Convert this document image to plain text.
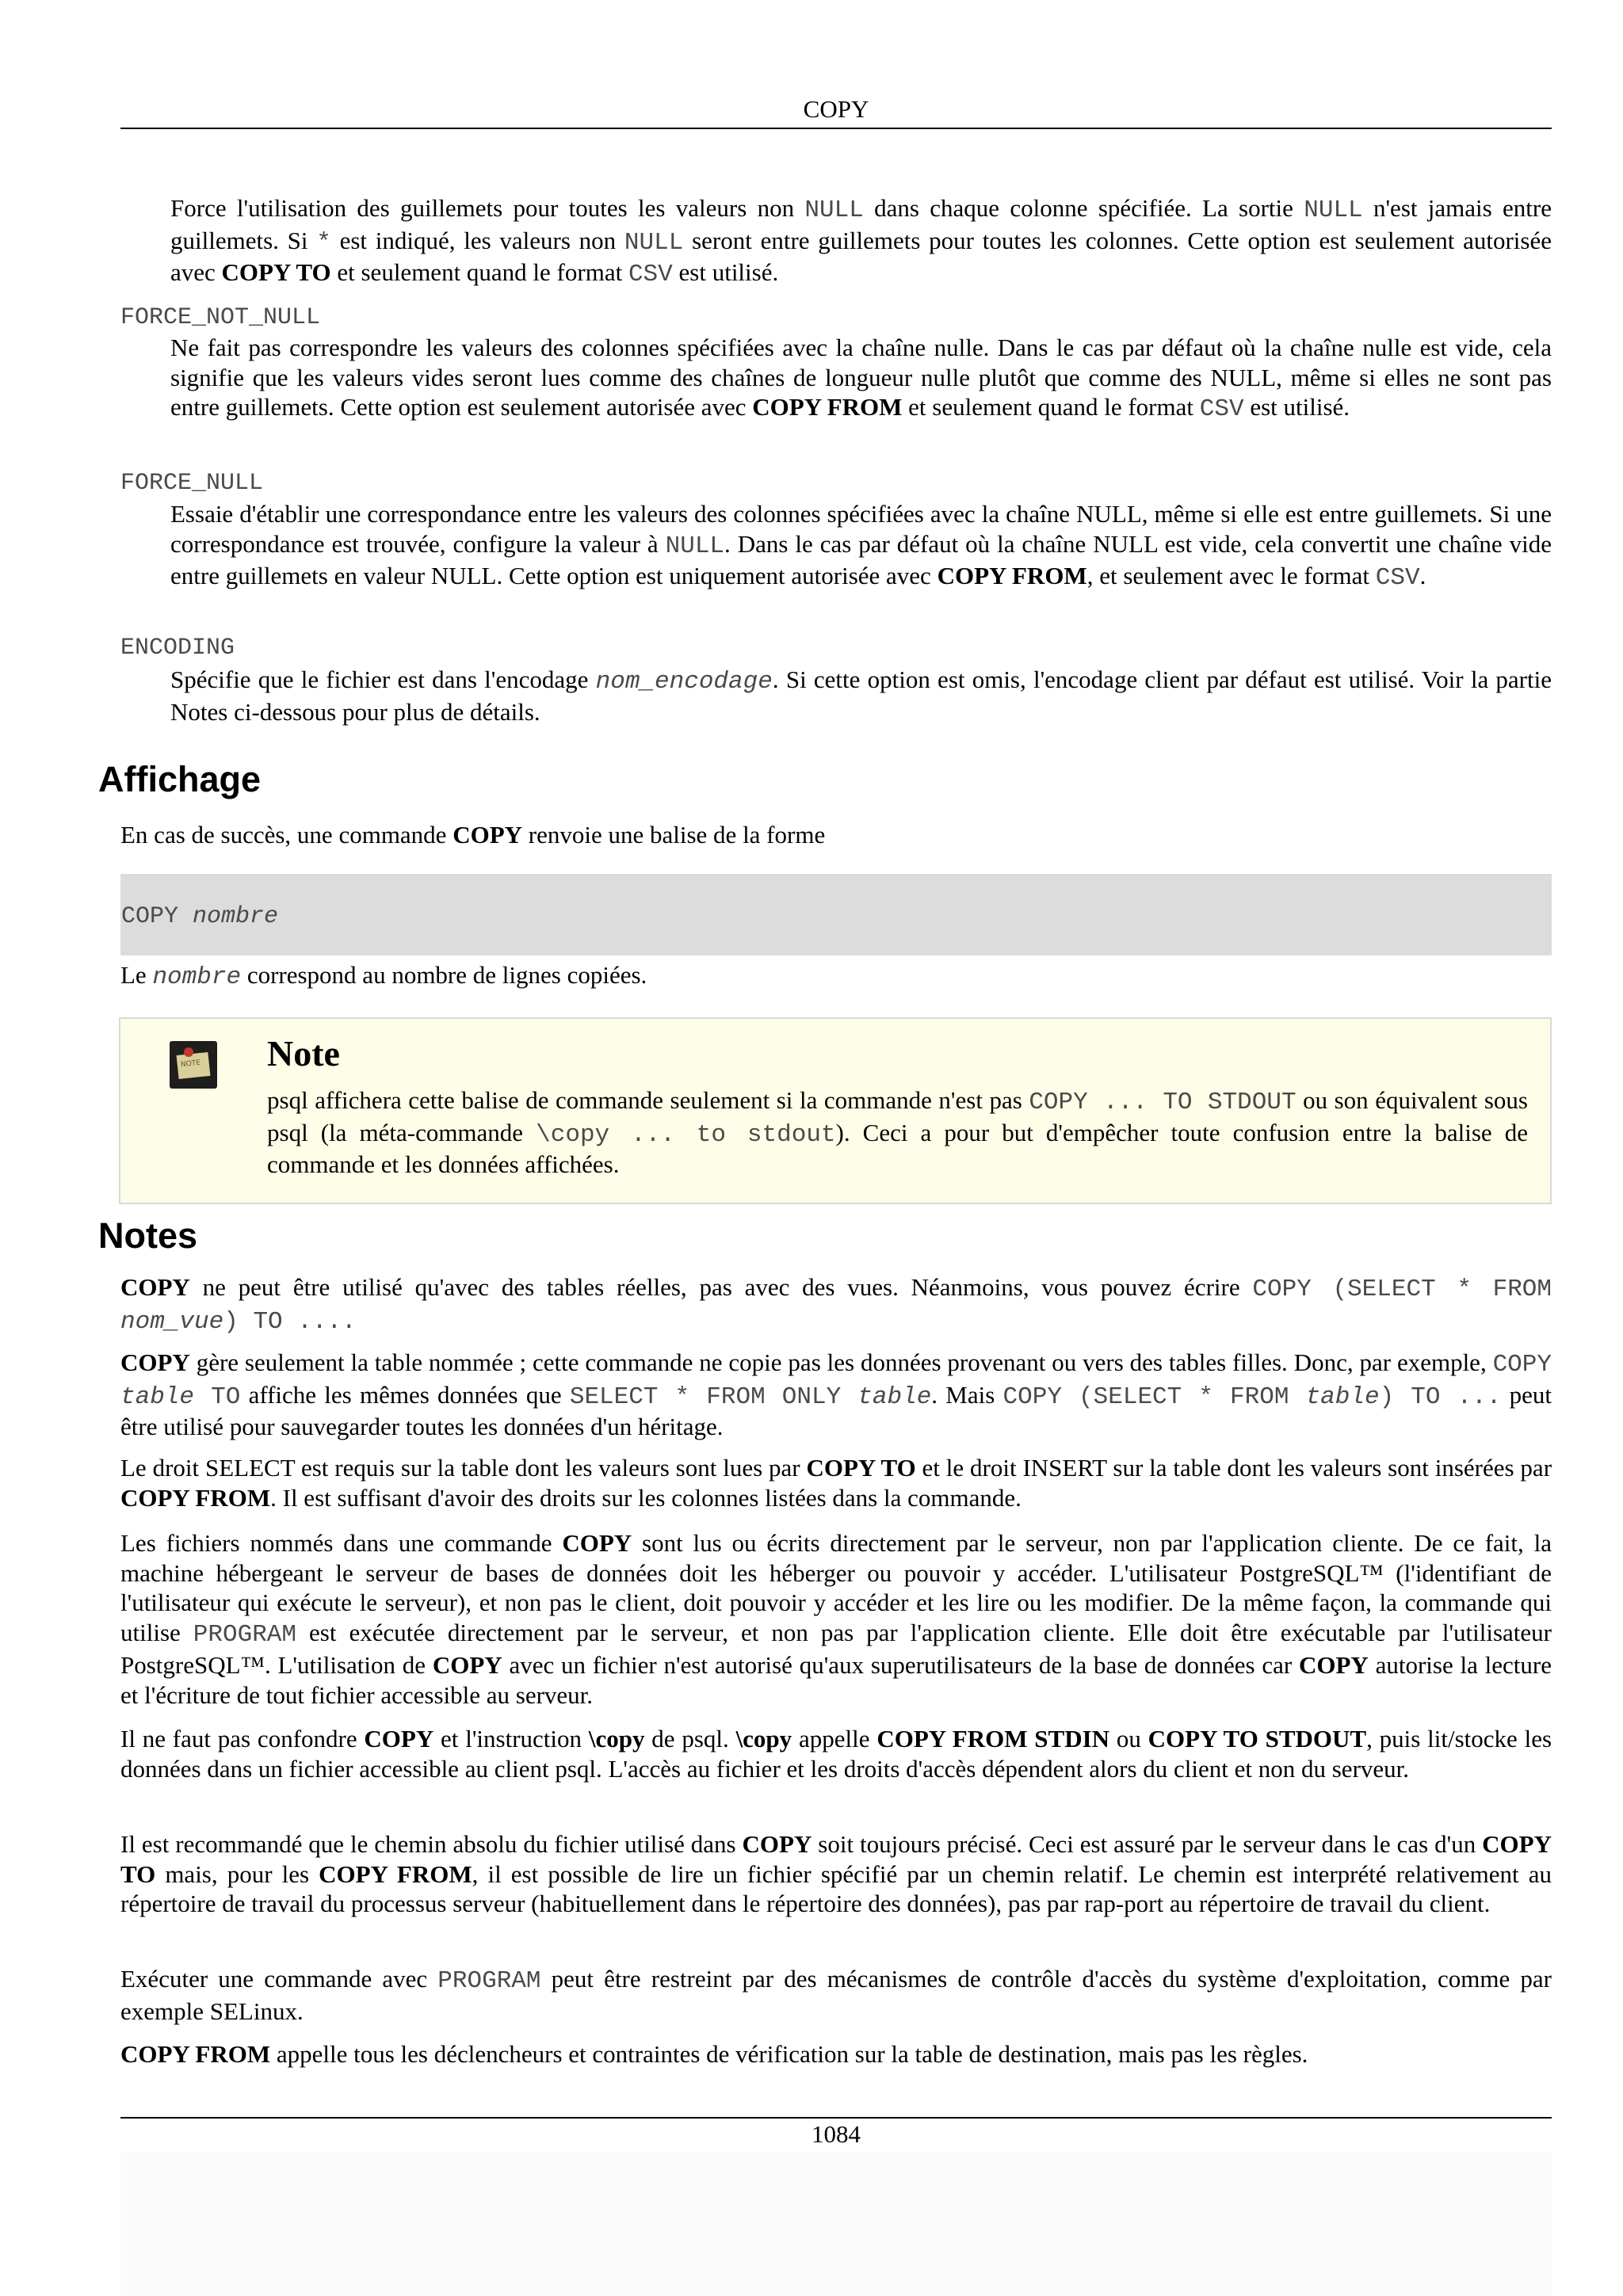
COPY
Force l'utilisation des guillemets pour toutes les valeurs non NULL dans chaque colonne spécifiée. La sortie NULL n'est jamais entre guillemets. Si * est indiqué, les valeurs non NULL seront entre guillemets pour toutes les colonnes. Cette option est seulement autorisée avec COPY TO et seulement quand le format CSV est utilisé.
FORCE_NOT_NULL
Ne fait pas correspondre les valeurs des colonnes spécifiées avec la chaîne nulle. Dans le cas par défaut où la chaîne nulle est vide, cela signifie que les valeurs vides seront lues comme des chaînes de longueur nulle plutôt que comme des NULL, même si elles ne sont pas entre guillemets. Cette option est seulement autorisée avec COPY FROM et seulement quand le format CSV est utilisé.
FORCE_NULL
Essaie d'établir une correspondance entre les valeurs des colonnes spécifiées avec la chaîne NULL, même si elle est entre guillemets. Si une correspondance est trouvée, configure la valeur à NULL. Dans le cas par défaut où la chaîne NULL est vide, cela convertit une chaîne vide entre guillemets en valeur NULL. Cette option est uniquement autorisée avec COPY FROM, et seulement avec le format CSV.
ENCODING
Spécifie que le fichier est dans l'encodage nom_encodage. Si cette option est omis, l'encodage client par défaut est utilisé. Voir la partie Notes ci-dessous pour plus de détails.
Affichage
En cas de succès, une commande COPY renvoie une balise de la forme
COPY nombre
Le nombre correspond au nombre de lignes copiées.
NOTE Note
psql affichera cette balise de commande seulement si la commande n'est pas COPY ... TO STDOUT ou son équivalent sous psql (la méta-commande \copy ... to stdout). Ceci a pour but d'empêcher toute confusion entre la balise de commande et les données affichées.
Notes
COPY ne peut être utilisé qu'avec des tables réelles, pas avec des vues. Néanmoins, vous pouvez écrire COPY (SELECT * FROM nom_vue) TO ....
COPY gère seulement la table nommée ; cette commande ne copie pas les données provenant ou vers des tables filles. Donc, par exemple, COPY table TO affiche les mêmes données que SELECT * FROM ONLY table. Mais COPY (SELECT * FROM table) TO ... peut être utilisé pour sauvegarder toutes les données d'un héritage.
Le droit SELECT est requis sur la table dont les valeurs sont lues par COPY TO et le droit INSERT sur la table dont les valeurs sont insérées par COPY FROM. Il est suffisant d'avoir des droits sur les colonnes listées dans la commande.
Les fichiers nommés dans une commande COPY sont lus ou écrits directement par le serveur, non par l'application cliente. De ce fait, la machine hébergeant le serveur de bases de données doit les héberger ou pouvoir y accéder. L'utilisateur PostgreSQL™ (l'identifiant de l'utilisateur qui exécute le serveur), et non pas le client, doit pouvoir y accéder et les lire ou les modifier. De la même façon, la commande qui utilise PROGRAM est exécutée directement par le serveur, et non pas par l'application cliente. Elle doit être exécutable par l'utilisateur PostgreSQL™. L'utilisation de COPY avec un fichier n'est autorisé qu'aux superutilisateurs de la base de données car COPY autorise la lecture et l'écriture de tout fichier accessible au serveur.
Il ne faut pas confondre COPY et l'instruction \copy de psql. \copy appelle COPY FROM STDIN ou COPY TO STDOUT, puis lit/stocke les données dans un fichier accessible au client psql. L'accès au fichier et les droits d'accès dépendent alors du client et non du serveur.
Il est recommandé que le chemin absolu du fichier utilisé dans COPY soit toujours précisé. Ceci est assuré par le serveur dans le cas d'un COPY TO mais, pour les COPY FROM, il est possible de lire un fichier spécifié par un chemin relatif. Le chemin est interprété relativement au répertoire de travail du processus serveur (habituellement dans le répertoire des données), pas par rap-port au répertoire de travail du client.
Exécuter une commande avec PROGRAM peut être restreint par des mécanismes de contrôle d'accès du système d'exploitation, comme par exemple SELinux.
COPY FROM appelle tous les déclencheurs et contraintes de vérification sur la table de destination, mais pas les règles.
1084
